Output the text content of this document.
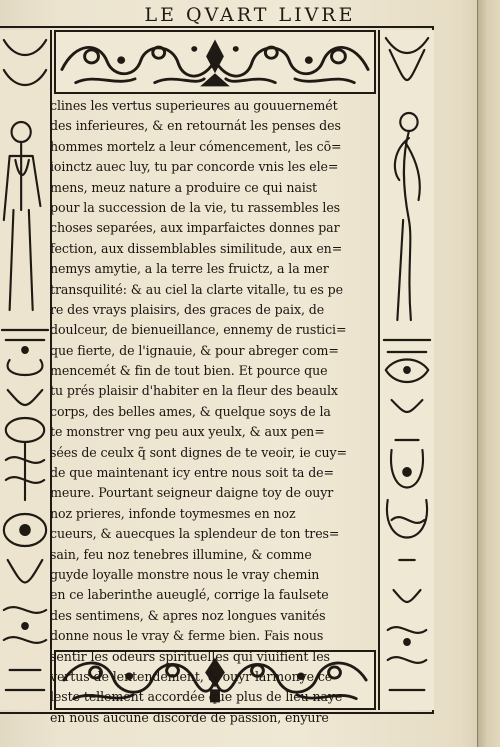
LE QVART LIVRE
clines les vertus superieures au gouuernemét
des inferieures, & en retournát les penses des
hommes mortelz a leur cómencement, les cõ=
ioinctz auec luy, tu par concorde vnis les ele=
mens, meuz nature a produire ce qui naist
pour la succession de la vie, tu rassembles les
choses separées, aux imparfaictes donnes par
fection, aux dissemblables similitude, aux en=
nemys amytie, a la terre les fruictz, a la mer
transquilité: & au ciel la clarte vitalle, tu es pe
re des vrays plaisirs, des graces de paix, de
doulceur, de bienueillance, ennemy de rustici=
que fierte, de l'ignauie, & pour abreger com=
mencemét & fin de tout bien. Et pource que
tu prés plaisir d'habiter en la fleur des beaulx
corps, des belles ames, & quelque soys de la
te monstrer vng peu aux yeulx, & aux pen=
sées de ceulx q̃ sont dignes de te veoir, ie cuy=
de que maintenant icy entre nous soit ta de=
meure. Pourtant seigneur daigne toy de ouyr
noz prieres, infonde toymesmes en noz
cueurs, & auecques la splendeur de ton tres=
sain, feu noz tenebres illumine, & comme
guyde loyalle monstre nous le vray chemin
en ce laberinthe aueuglé, corrige la faulsete
des sentimens, & apres noz longues vanités
donne nous le vray & ferme bien. Fais nous
sentir les odeurs spirituelles qui viuifient les
vertus de lentendement, & ouyr larmonye ce
leste tellement accordée que plus de lieu naye
en nous aucune discorde de passion, enyure
